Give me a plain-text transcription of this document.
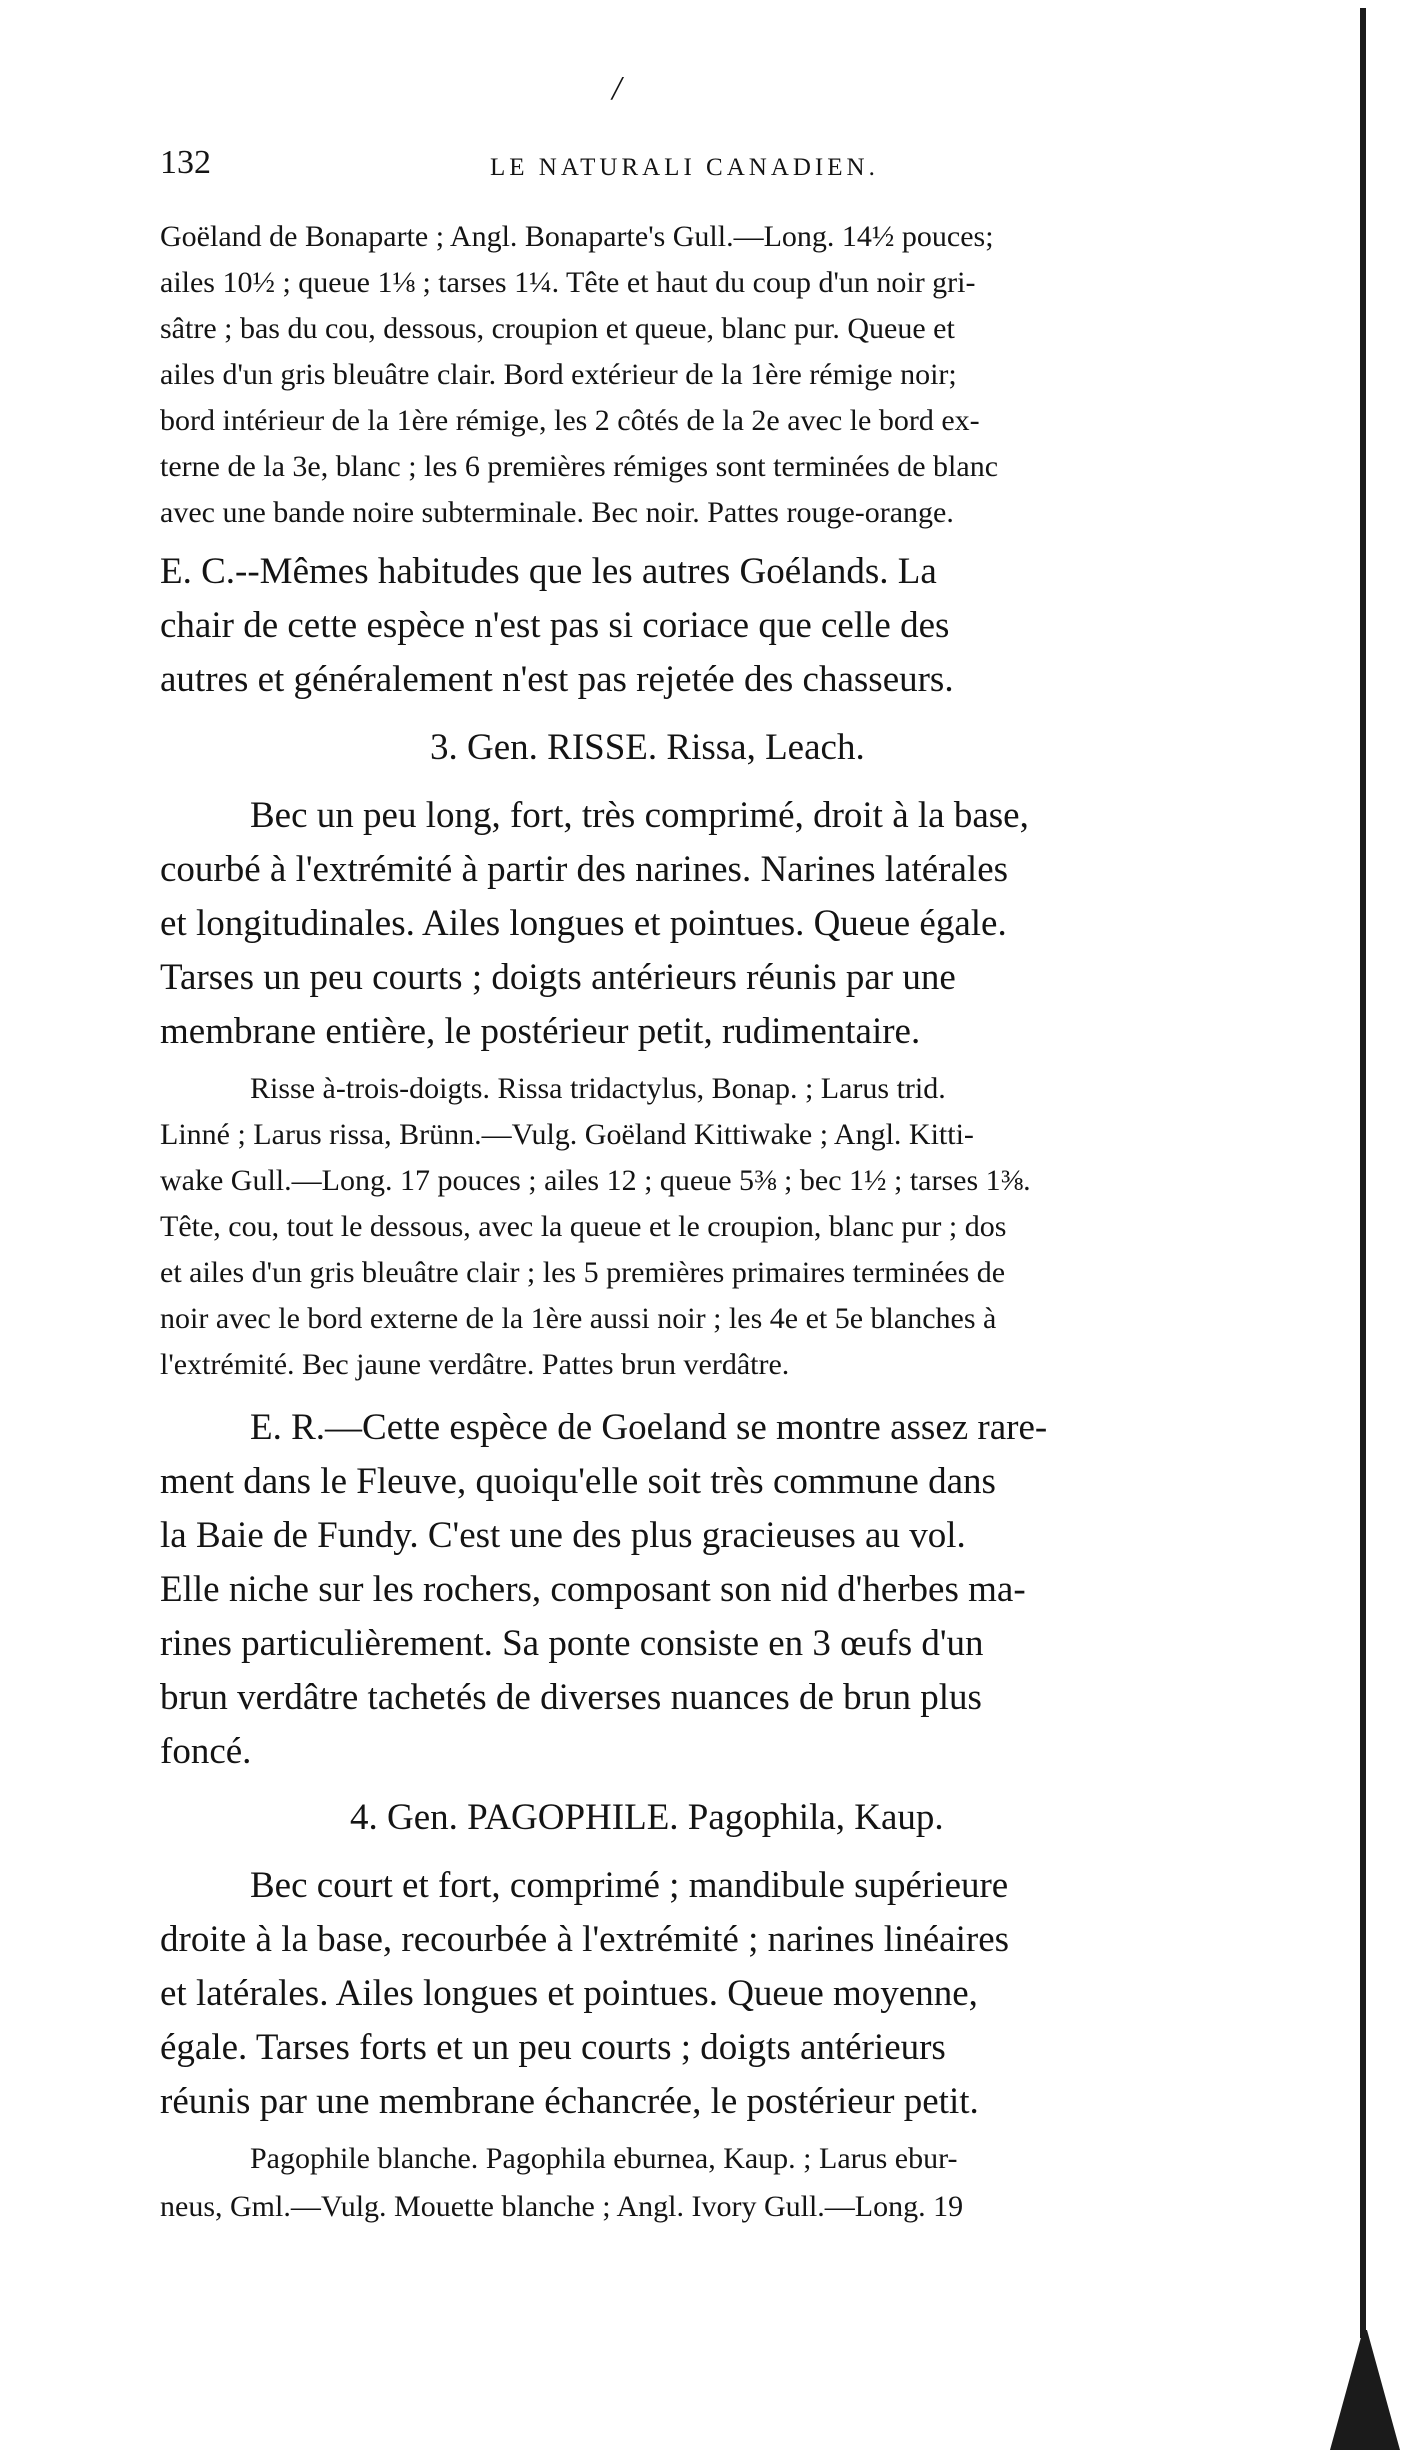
/
132	LE NATURALI CANADIEN.
Goëland de Bonaparte ; Angl. Bonaparte's Gull.—Long. 14½ pouces;
ailes 10½ ; queue 1⅛ ; tarses 1¼. Tête et haut du coup d'un noir gri-
sâtre ; bas du cou, dessous, croupion et queue, blanc pur. Queue et
ailes d'un gris bleuâtre clair. Bord extérieur de la 1ère rémige noir;
bord intérieur de la 1ère rémige, les 2 côtés de la 2e avec le bord ex-
terne de la 3e, blanc ; les 6 premières rémiges sont terminées de blanc
avec une bande noire subterminale. Bec noir. Pattes rouge-orange.
E. C.--Mêmes habitudes que les autres Goélands. La
chair de cette espèce n'est pas si coriace que celle des
autres et généralement n'est pas rejetée des chasseurs.
3. Gen. RISSE. Rissa, Leach.
Bec un peu long, fort, très comprimé, droit à la base,
courbé à l'extrémité à partir des narines. Narines latérales
et longitudinales. Ailes longues et pointues. Queue égale.
Tarses un peu courts ; doigts antérieurs réunis par une
membrane entière, le postérieur petit, rudimentaire.
Risse à-trois-doigts. Rissa tridactylus, Bonap. ; Larus trid.
Linné ; Larus rissa, Brünn.—Vulg. Goëland Kittiwake ; Angl. Kitti-
wake Gull.—Long. 17 pouces ; ailes 12 ; queue 5⅜ ; bec 1½ ; tarses 1⅜.
Tête, cou, tout le dessous, avec la queue et le croupion, blanc pur ; dos
et ailes d'un gris bleuâtre clair ; les 5 premières primaires terminées de
noir avec le bord externe de la 1ère aussi noir ; les 4e et 5e blanches à
l'extrémité. Bec jaune verdâtre. Pattes brun verdâtre.
E. R.—Cette espèce de Goeland se montre assez rare-
ment dans le Fleuve, quoiqu'elle soit très commune dans
la Baie de Fundy. C'est une des plus gracieuses au vol.
Elle niche sur les rochers, composant son nid d'herbes ma-
rines particulièrement. Sa ponte consiste en 3 œufs d'un
brun verdâtre tachetés de diverses nuances de brun plus
foncé.
4. Gen. PAGOPHILE. Pagophila, Kaup.
Bec court et fort, comprimé ; mandibule supérieure
droite à la base, recourbée à l'extrémité ; narines linéaires
et latérales. Ailes longues et pointues. Queue moyenne,
égale. Tarses forts et un peu courts ; doigts antérieurs
réunis par une membrane échancrée, le postérieur petit.
Pagophile blanche. Pagophila eburnea, Kaup. ; Larus ebur-
neus, Gml.—Vulg. Mouette blanche ; Angl. Ivory Gull.—Long. 19
